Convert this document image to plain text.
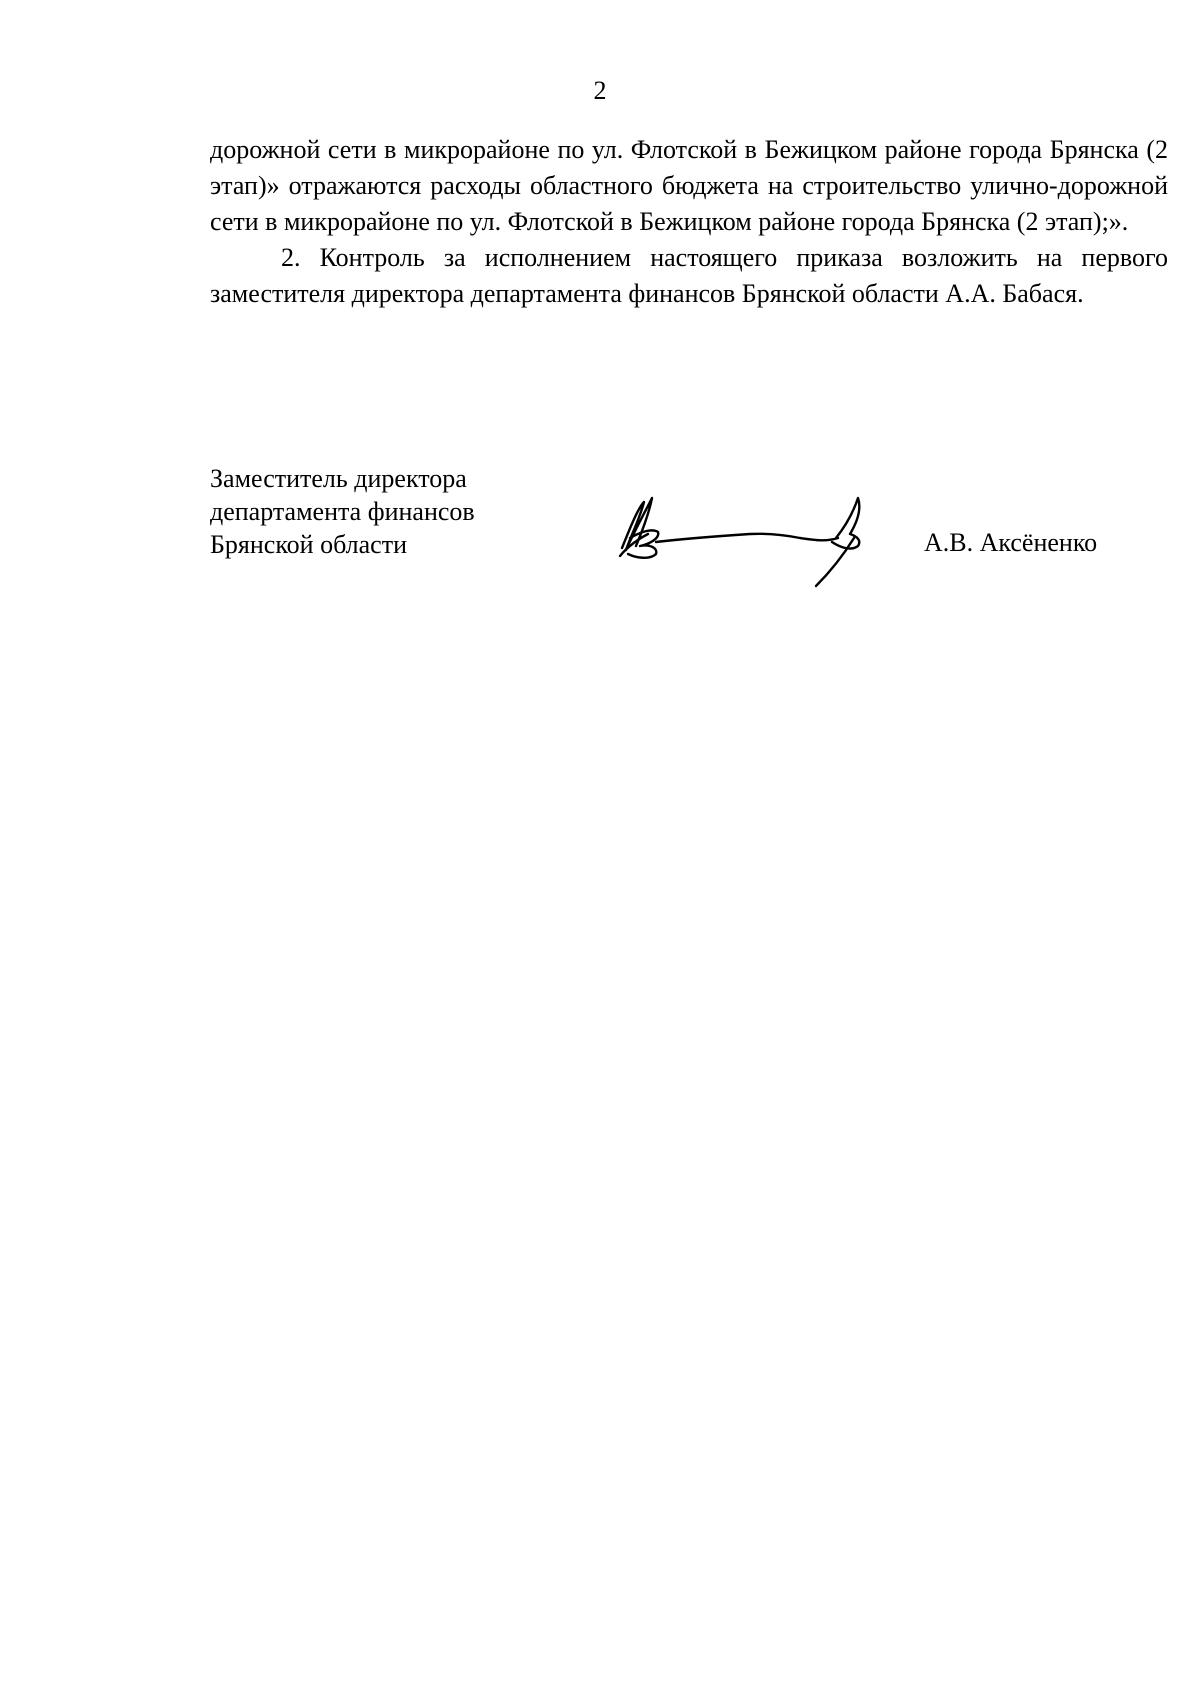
2

дорожной сети в микрорайоне по ул. Флотской в Бежицком районе города Брянска (2 этап)» отражаются расходы областного бюджета на строительство улично-дорожной сети в микрорайоне по ул. Флотской в Бежицком районе города Брянска (2 этап);».

2. Контроль за исполнением настоящего приказа возложить на первого заместителя директора департамента финансов Брянской области А.А. Бабася.

Заместитель директора
департамента финансов
Брянской области	А.В. Аксёненко
